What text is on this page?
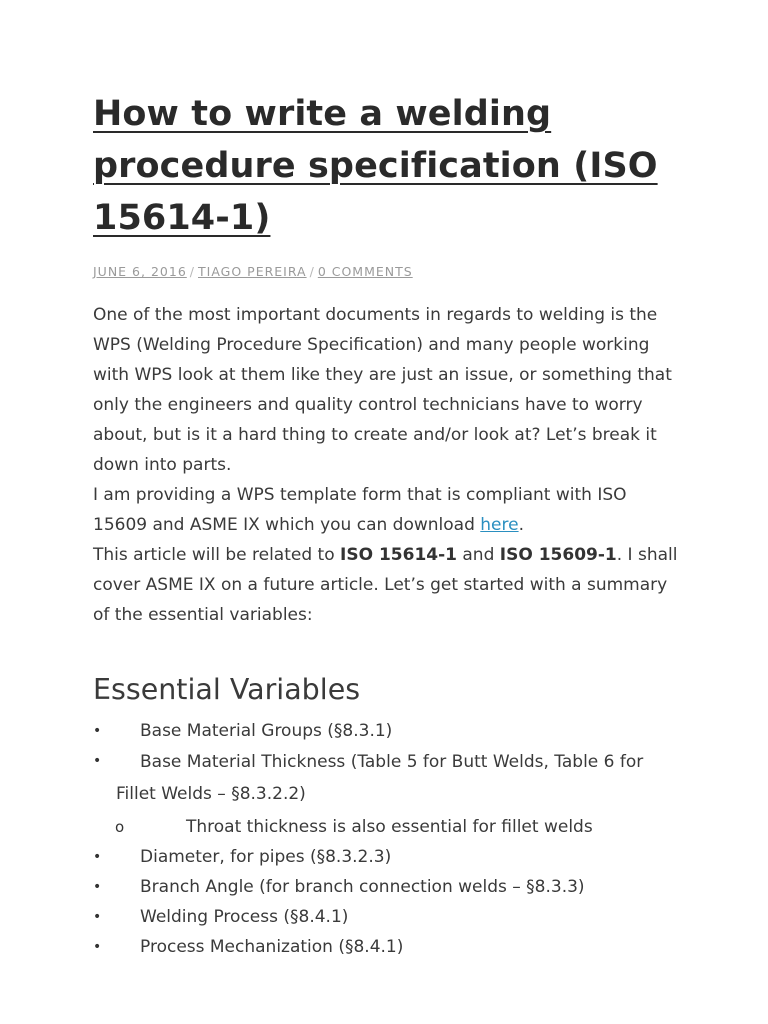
How to write a welding procedure specification (ISO 15614-1)
JUNE 6, 2016 / TIAGO PEREIRA / 0 COMMENTS

One of the most important documents in regards to welding is the WPS (Welding Procedure Specification) and many people working with WPS look at them like they are just an issue, or something that only the engineers and quality control technicians have to worry about, but is it a hard thing to create and/or look at? Let’s break it down into parts.

I am providing a WPS template form that is compliant with ISO 15609 and ASME IX which you can download here.

This article will be related to ISO 15614-1 and ISO 15609-1. I shall cover ASME IX on a future article. Let’s get started with a summary of the essential variables:

Essential Variables
•	Base Material Groups (§8.3.1)
•	Base Material Thickness (Table 5 for Butt Welds, Table 6 for Fillet Welds – §8.3.2.2)
o	Throat thickness is also essential for fillet welds
•	Diameter, for pipes (§8.3.2.3)
•	Branch Angle (for branch connection welds – §8.3.3)
•	Welding Process (§8.4.1)
•	Process Mechanization (§8.4.1)
